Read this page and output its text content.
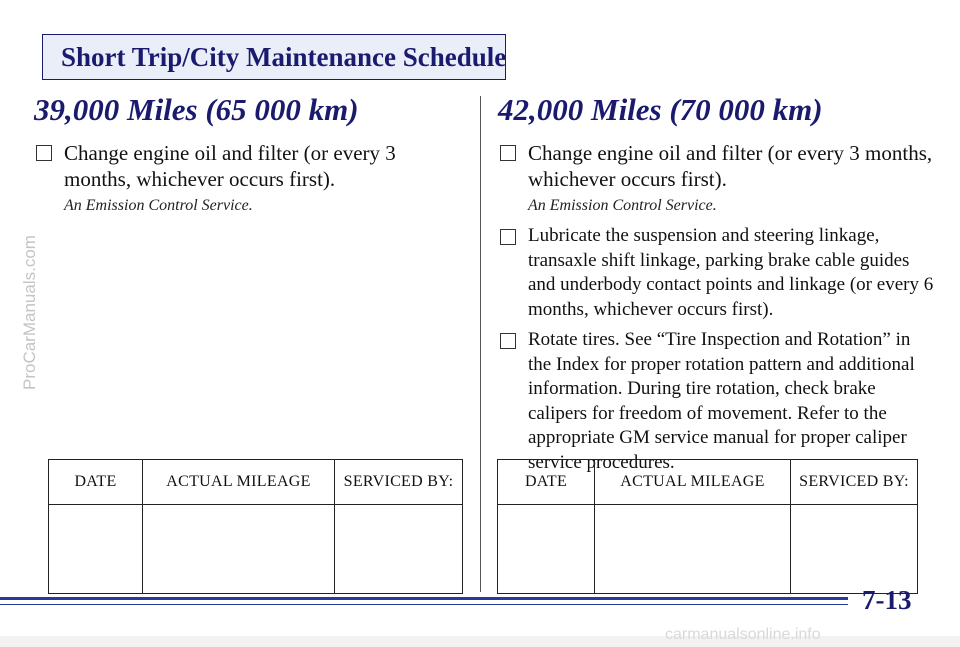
Short Trip/City Maintenance Schedule
ProCarManuals.com
39,000 Miles (65 000 km)
Change engine oil and filter (or every 3 months, whichever occurs first).
An Emission Control Service.
42,000 Miles (70 000 km)
Change engine oil and filter (or every 3 months, whichever occurs first).
An Emission Control Service.
Lubricate the suspension and steering linkage, transaxle shift linkage, parking brake cable guides and underbody contact points and linkage (or every 6 months, whichever occurs first).
Rotate tires. See “Tire Inspection and Rotation” in the Index for proper rotation pattern and additional information. During tire rotation, check brake calipers for freedom of movement. Refer to the appropriate GM service manual for proper caliper service procedures.
DATE	ACTUAL MILEAGE	SERVICED BY:
			DATE	ACTUAL MILEAGE	SERVICED BY:

7-13
carmanualsonline.info
